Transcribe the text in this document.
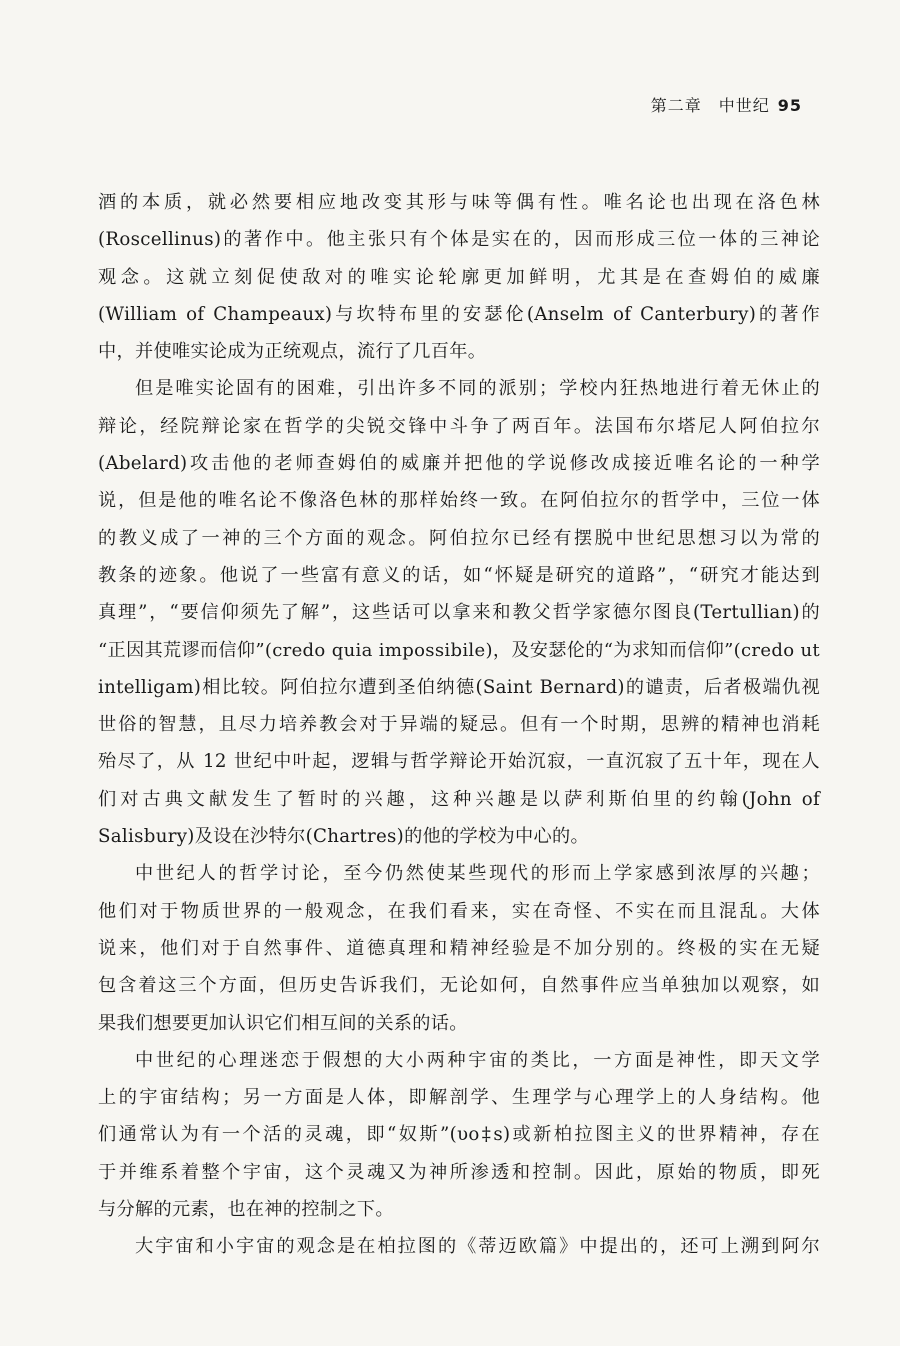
第二章　中世纪 95

酒的本质，就必然要相应地改变其形与味等偶有性。唯名论也出现在洛色林
(Roscellinus)的著作中。他主张只有个体是实在的，因而形成三位一体的三神论
观念。这就立刻促使敌对的唯实论轮廓更加鲜明，尤其是在查姆伯的威廉
(William of Champeaux)与坎特布里的安瑟伦(Anselm of Canterbury)的著作
中，并使唯实论成为正统观点，流行了几百年。

但是唯实论固有的困难，引出许多不同的派别；学校内狂热地进行着无休止的
辩论，经院辩论家在哲学的尖锐交锋中斗争了两百年。法国布尔塔尼人阿伯拉尔
(Abelard)攻击他的老师查姆伯的威廉并把他的学说修改成接近唯名论的一种学
说，但是他的唯名论不像洛色林的那样始终一致。在阿伯拉尔的哲学中，三位一体
的教义成了一神的三个方面的观念。阿伯拉尔已经有摆脱中世纪思想习以为常的
教条的迹象。他说了一些富有意义的话，如“怀疑是研究的道路”，“研究才能达到
真理”，“要信仰须先了解”，这些话可以拿来和教父哲学家德尔图良(Tertullian)的
“正因其荒谬而信仰”(credo quia impossibile)，及安瑟伦的“为求知而信仰”(credo ut
intelligam)相比较。阿伯拉尔遭到圣伯纳德(Saint Bernard)的谴责，后者极端仇视
世俗的智慧，且尽力培养教会对于异端的疑忌。但有一个时期，思辨的精神也消耗
殆尽了，从 12 世纪中叶起，逻辑与哲学辩论开始沉寂，一直沉寂了五十年，现在人
们对古典文献发生了暂时的兴趣，这种兴趣是以萨利斯伯里的约翰(John of
Salisbury)及设在沙特尔(Chartres)的他的学校为中心的。

中世纪人的哲学讨论，至今仍然使某些现代的形而上学家感到浓厚的兴趣；
他们对于物质世界的一般观念，在我们看来，实在奇怪、不实在而且混乱。大体
说来，他们对于自然事件、道德真理和精神经验是不加分别的。终极的实在无疑
包含着这三个方面，但历史告诉我们，无论如何，自然事件应当单独加以观察，如
果我们想要更加认识它们相互间的关系的话。

中世纪的心理迷恋于假想的大小两种宇宙的类比，一方面是神性，即天文学
上的宇宙结构；另一方面是人体，即解剖学、生理学与心理学上的人身结构。他
们通常认为有一个活的灵魂，即“奴斯”(υο‡s)或新柏拉图主义的世界精神，存在
于并维系着整个宇宙，这个灵魂又为神所渗透和控制。因此，原始的物质，即死
与分解的元素，也在神的控制之下。

大宇宙和小宇宙的观念是在柏拉图的《蒂迈欧篇》中提出的，还可上溯到阿尔
